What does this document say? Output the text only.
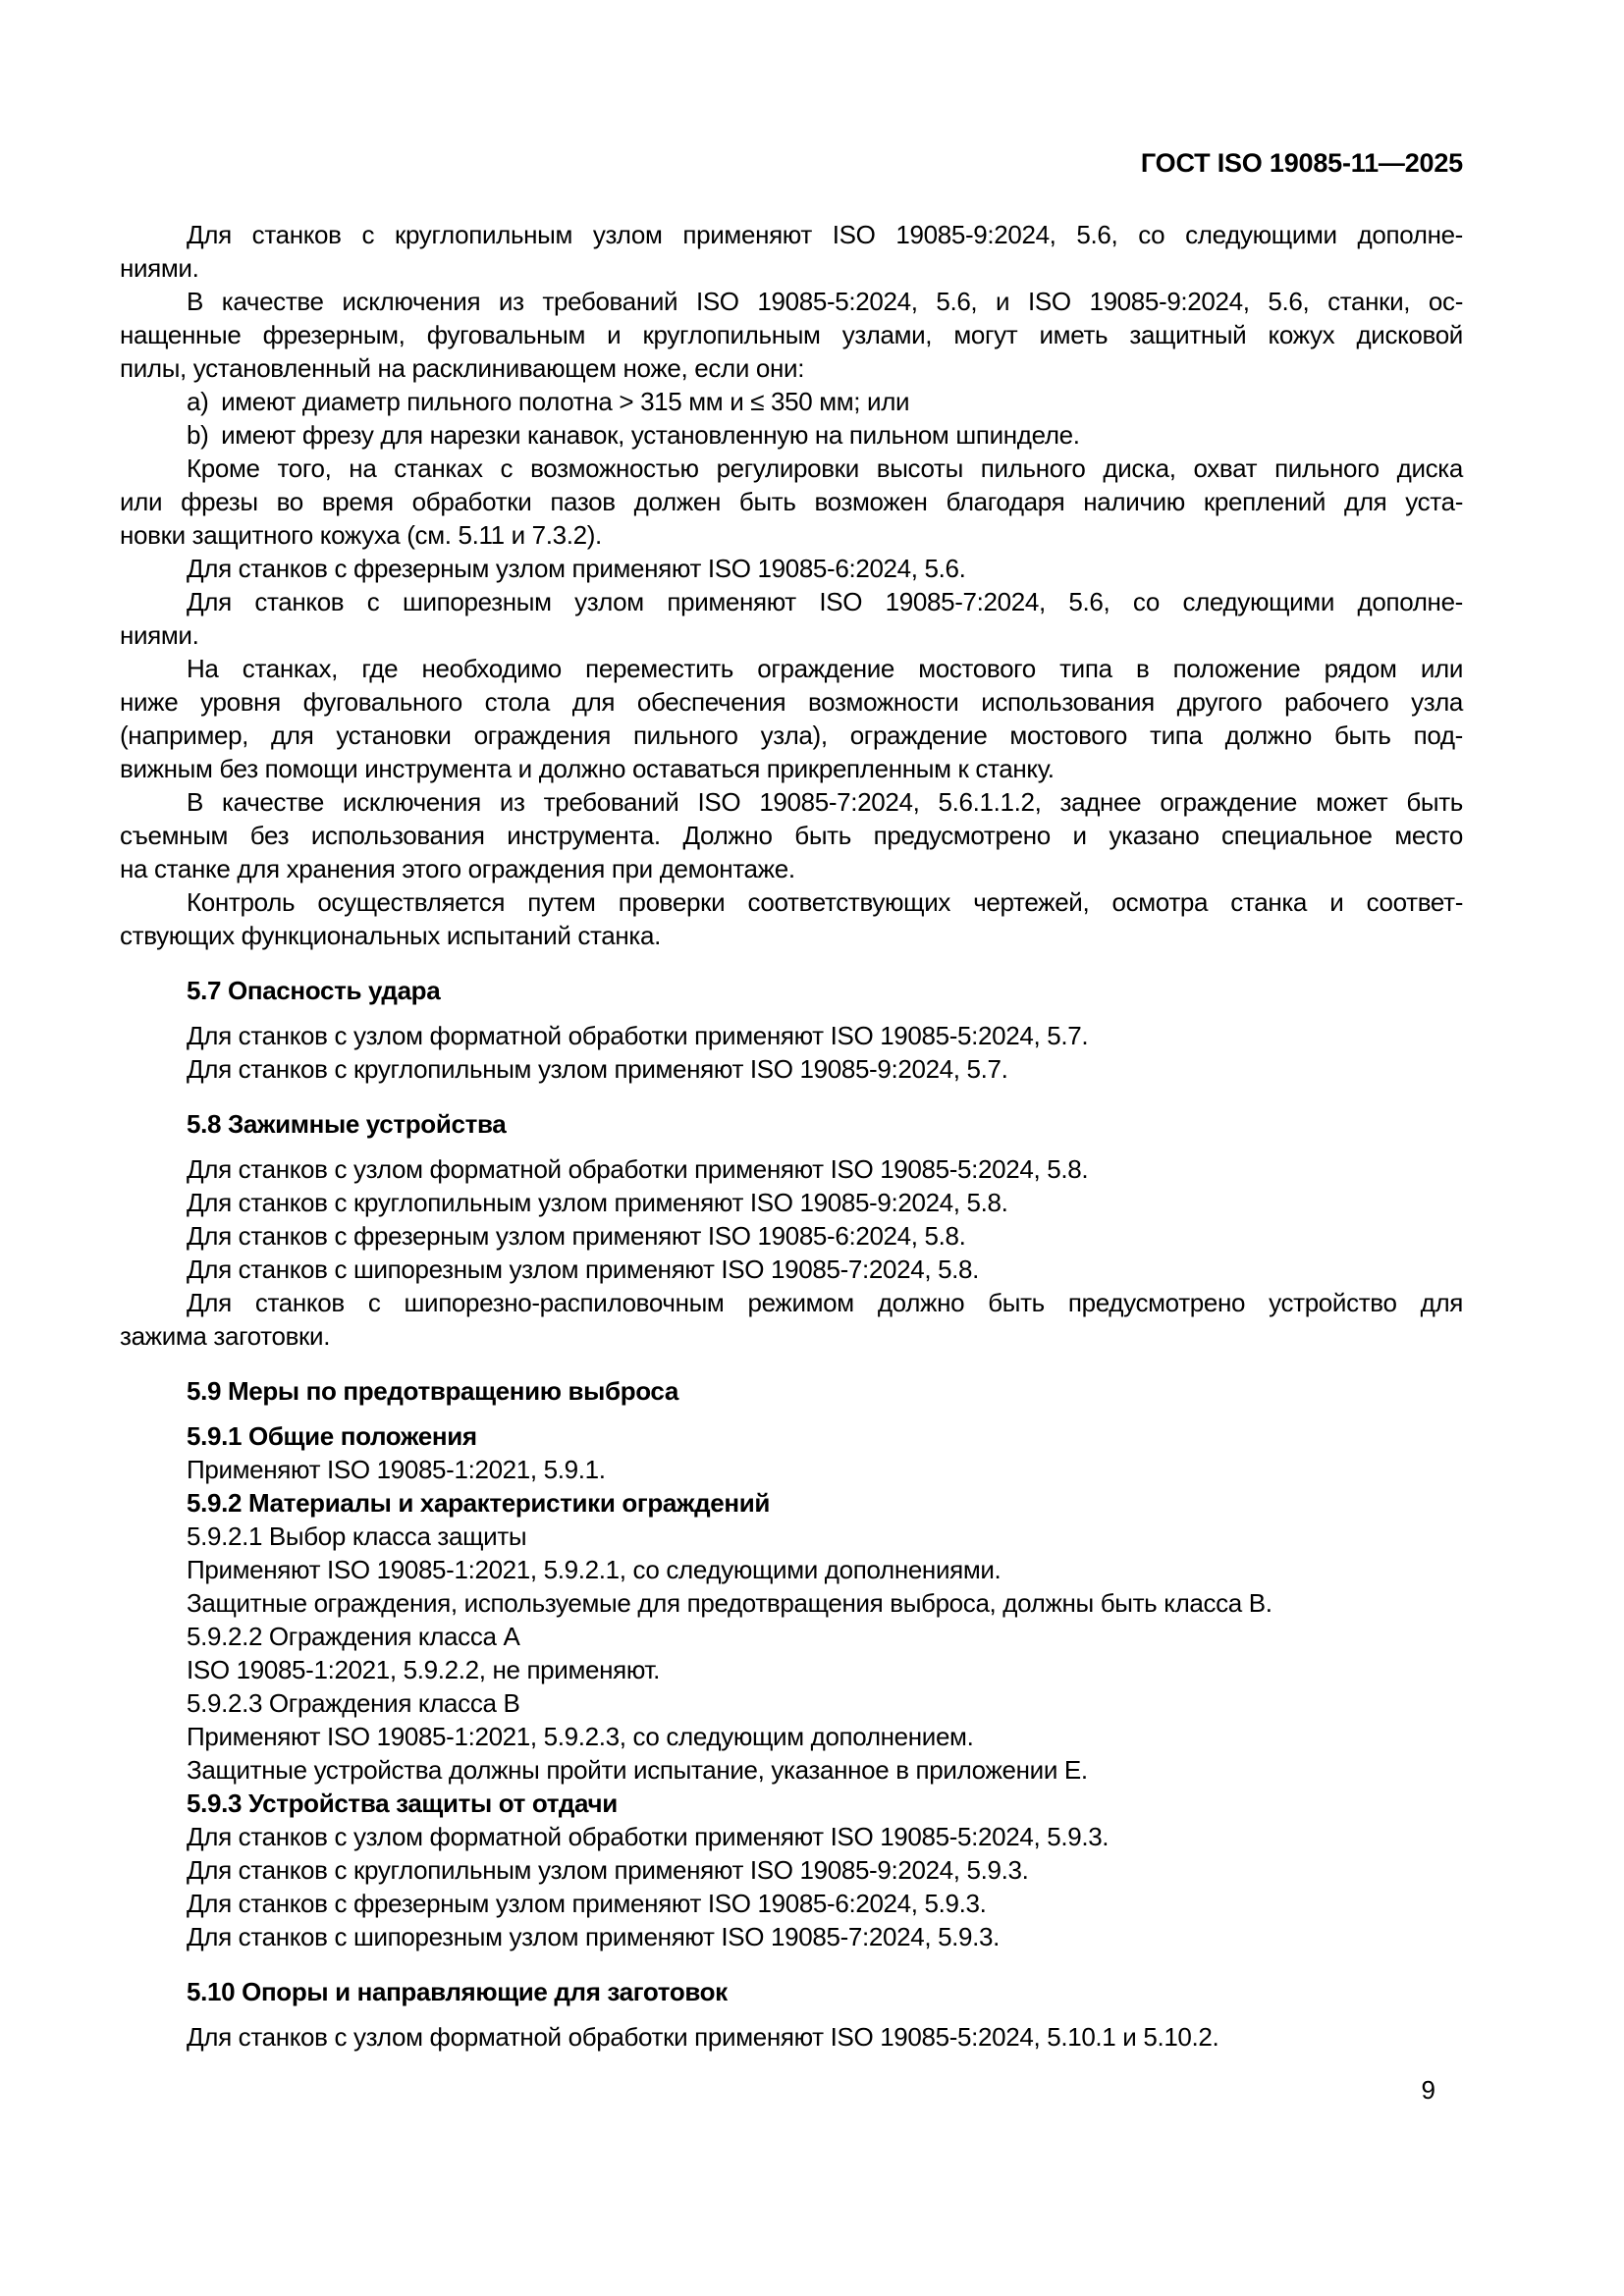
ГОСТ ISO 19085-11—2025
Для станков с круглопильным узлом применяют ISO 19085-9:2024, 5.6, со следующими дополне-
ниями.
В качестве исключения из требований ISO 19085-5:2024, 5.6, и ISO 19085-9:2024, 5.6, станки, ос-
нащенные фрезерным, фуговальным и круглопильным узлами, могут иметь защитный кожух дисковой
пилы, установленный на расклинивающем ноже, если они:
a) имеют диаметр пильного полотна > 315 мм и ≤ 350 мм; или
b) имеют фрезу для нарезки канавок, установленную на пильном шпинделе.
Кроме того, на станках с возможностью регулировки высоты пильного диска, охват пильного диска
или фрезы во время обработки пазов должен быть возможен благодаря наличию креплений для уста-
новки защитного кожуха (см. 5.11 и 7.3.2).
Для станков с фрезерным узлом применяют ISO 19085-6:2024, 5.6.
Для станков с шипорезным узлом применяют ISO 19085-7:2024, 5.6, со следующими дополне-
ниями.
На станках, где необходимо переместить ограждение мостового типа в положение рядом или
ниже уровня фуговального стола для обеспечения возможности использования другого рабочего узла
(например, для установки ограждения пильного узла), ограждение мостового типа должно быть под-
вижным без помощи инструмента и должно оставаться прикрепленным к станку.
В качестве исключения из требований ISO 19085-7:2024, 5.6.1.1.2, заднее ограждение может быть
съемным без использования инструмента. Должно быть предусмотрено и указано специальное место
на станке для хранения этого ограждения при демонтаже.
Контроль осуществляется путем проверки соответствующих чертежей, осмотра станка и соответ-
ствующих функциональных испытаний станка.
5.7 Опасность удара
Для станков с узлом форматной обработки применяют ISO 19085-5:2024, 5.7.
Для станков с круглопильным узлом применяют ISO 19085-9:2024, 5.7.
5.8 Зажимные устройства
Для станков с узлом форматной обработки применяют ISO 19085-5:2024, 5.8.
Для станков с круглопильным узлом применяют ISO 19085-9:2024, 5.8.
Для станков с фрезерным узлом применяют ISO 19085-6:2024, 5.8.
Для станков с шипорезным узлом применяют ISO 19085-7:2024, 5.8.
Для станков с шипорезно-распиловочным режимом должно быть предусмотрено устройство для
зажима заготовки.
5.9 Меры по предотвращению выброса
5.9.1 Общие положения
Применяют ISO 19085-1:2021, 5.9.1.
5.9.2 Материалы и характеристики ограждений
5.9.2.1 Выбор класса защиты
Применяют ISO 19085-1:2021, 5.9.2.1, со следующими дополнениями.
Защитные ограждения, используемые для предотвращения выброса, должны быть класса B.
5.9.2.2 Ограждения класса A
ISO 19085-1:2021, 5.9.2.2, не применяют.
5.9.2.3 Ограждения класса B
Применяют ISO 19085-1:2021, 5.9.2.3, со следующим дополнением.
Защитные устройства должны пройти испытание, указанное в приложении E.
5.9.3 Устройства защиты от отдачи
Для станков с узлом форматной обработки применяют ISO 19085-5:2024, 5.9.3.
Для станков с круглопильным узлом применяют ISO 19085-9:2024, 5.9.3.
Для станков с фрезерным узлом применяют ISO 19085-6:2024, 5.9.3.
Для станков с шипорезным узлом применяют ISO 19085-7:2024, 5.9.3.
5.10 Опоры и направляющие для заготовок
Для станков с узлом форматной обработки применяют ISO 19085-5:2024, 5.10.1 и 5.10.2.
9
